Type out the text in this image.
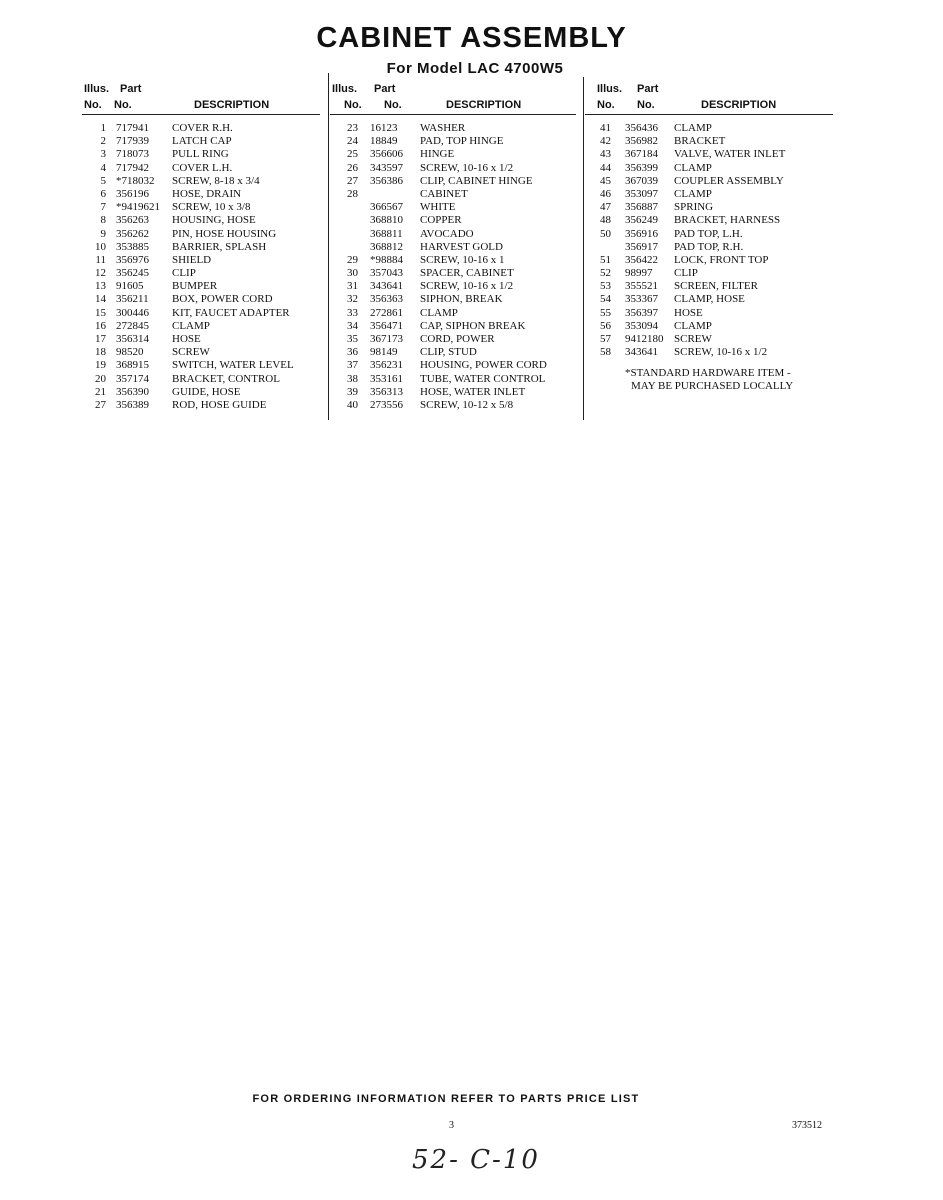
CABINET ASSEMBLY
For Model LAC 4700W5
Illus. Part
No. No.	DESCRIPTION
1 717941 COVER R.H.
2 717939 LATCH CAP
3 718073 PULL RING
4 717942 COVER L.H.
5 *718032 SCREW, 8-18 x 3/4
6 356196 HOSE, DRAIN
7 *9419621 SCREW, 10 x 3/8
8 356263 HOUSING, HOSE
9 356262 PIN, HOSE HOUSING
10 353885 BARRIER, SPLASH
11 356976 SHIELD
12 356245 CLIP
13 91605	BUMPER
14 356211 BOX, POWER CORD
15 300446 KIT, FAUCET ADAPTER
16 272845 CLAMP
17 356314 HOSE
18 98520	SCREW
19 368915 SWITCH, WATER LEVEL
20 357174 BRACKET, CONTROL
21 356390 GUIDE, HOSE
27 356389 ROD, HOSE GUIDE
Illus. Part
No. No.	DESCRIPTION
23 16123 WASHER
24 18849 PAD, TOP HINGE
25 356606 HINGE
26 343597 SCREW, 10-16 x 1/2
27 356386 CLIP, CABINET HINGE
28	CABINET
366567 WHITE
368810 COPPER
368811 AVOCADO
368812 HARVEST GOLD
29 *98884 SCREW, 10-16 x 1
30 357043 SPACER, CABINET
31 343641 SCREW, 10-16 x 1/2
32 356363 SIPHON, BREAK
33 272861 CLAMP
34 356471 CAP, SIPHON BREAK
35 367173 CORD, POWER
36 98149 CLIP, STUD
37 356231 HOUSING, POWER CORD
38 353161 TUBE, WATER CONTROL
39 356313 HOSE, WATER INLET
40 273556 SCREW, 10-12 x 5/8
Illus. Part
No. No.	DESCRIPTION
41 356436 CLAMP
42 356982 BRACKET
43 367184 VALVE, WATER INLET
44 356399 CLAMP
45 367039 COUPLER ASSEMBLY
46 353097 CLAMP
47 356887 SPRING
48 356249 BRACKET, HARNESS
50 356916 PAD TOP, L.H.
356917 PAD TOP, R.H.
51 356422 LOCK, FRONT TOP
52 98997 CLIP
53 355521 SCREEN, FILTER
54 353367 CLAMP, HOSE
55 356397 HOSE
56 353094 CLAMP
57 9412180 SCREW
58 343641 SCREW, 10-16 x 1/2
*STANDARD HARDWARE ITEM -
MAY BE PURCHASED LOCALLY
FOR ORDERING INFORMATION REFER TO PARTS PRICE LIST
3	373512
52- C-10
